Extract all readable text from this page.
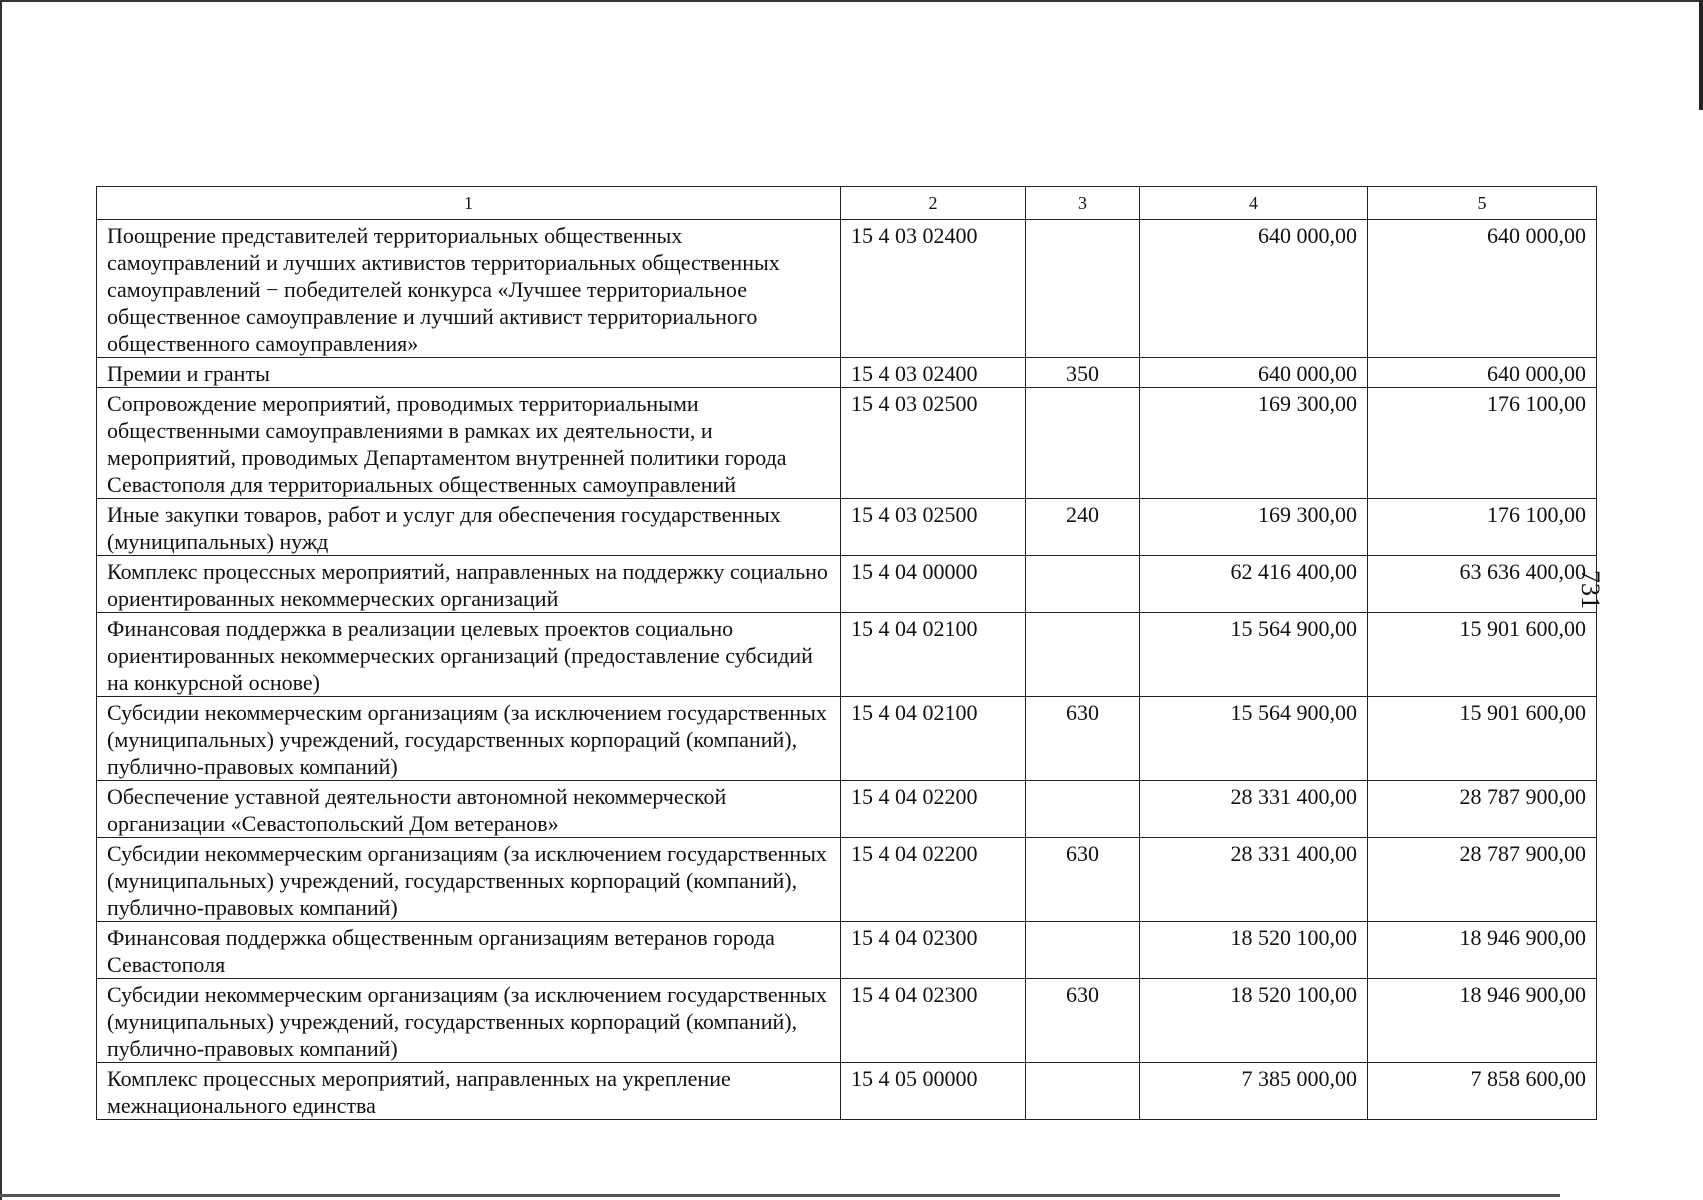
731
1	2	3	4	5
Поощрение представителей территориальных общественных самоуправлений и лучших активистов территориальных общественных самоуправлений − победителей конкурса «Лучшее территориальное общественное самоуправление и лучший активист территориального общественного самоуправления»	15 4 03 02400		640 000,00	640 000,00
Премии и гранты	15 4 03 02400	350	640 000,00	640 000,00
Сопровождение мероприятий, проводимых территориальными общественными самоуправлениями в рамках их деятельности, и мероприятий, проводимых Департаментом внутренней политики города Севастополя для территориальных общественных самоуправлений	15 4 03 02500		169 300,00	176 100,00
Иные закупки товаров, работ и услуг для обеспечения государственных (муниципальных) нужд	15 4 03 02500	240	169 300,00	176 100,00
Комплекс процессных мероприятий, направленных на поддержку социально ориентированных некоммерческих организаций	15 4 04 00000		62 416 400,00	63 636 400,00
Финансовая поддержка в реализации целевых проектов социально ориентированных некоммерческих организаций (предоставление субсидий на конкурсной основе)	15 4 04 02100		15 564 900,00	15 901 600,00
Субсидии некоммерческим организациям (за исключением государственных (муниципальных) учреждений, государственных корпораций (компаний), публично-правовых компаний)	15 4 04 02100	630	15 564 900,00	15 901 600,00
Обеспечение уставной деятельности автономной некоммерческой организации «Севастопольский Дом ветеранов»	15 4 04 02200		28 331 400,00	28 787 900,00
Субсидии некоммерческим организациям (за исключением государственных (муниципальных) учреждений, государственных корпораций (компаний), публично-правовых компаний)	15 4 04 02200	630	28 331 400,00	28 787 900,00
Финансовая поддержка общественным организациям ветеранов города Севастополя	15 4 04 02300		18 520 100,00	18 946 900,00
Субсидии некоммерческим организациям (за исключением государственных (муниципальных) учреждений, государственных корпораций (компаний), публично-правовых компаний)	15 4 04 02300	630	18 520 100,00	18 946 900,00
Комплекс процессных мероприятий, направленных на укрепление межнационального единства	15 4 05 00000		7 385 000,00	7 858 600,00
